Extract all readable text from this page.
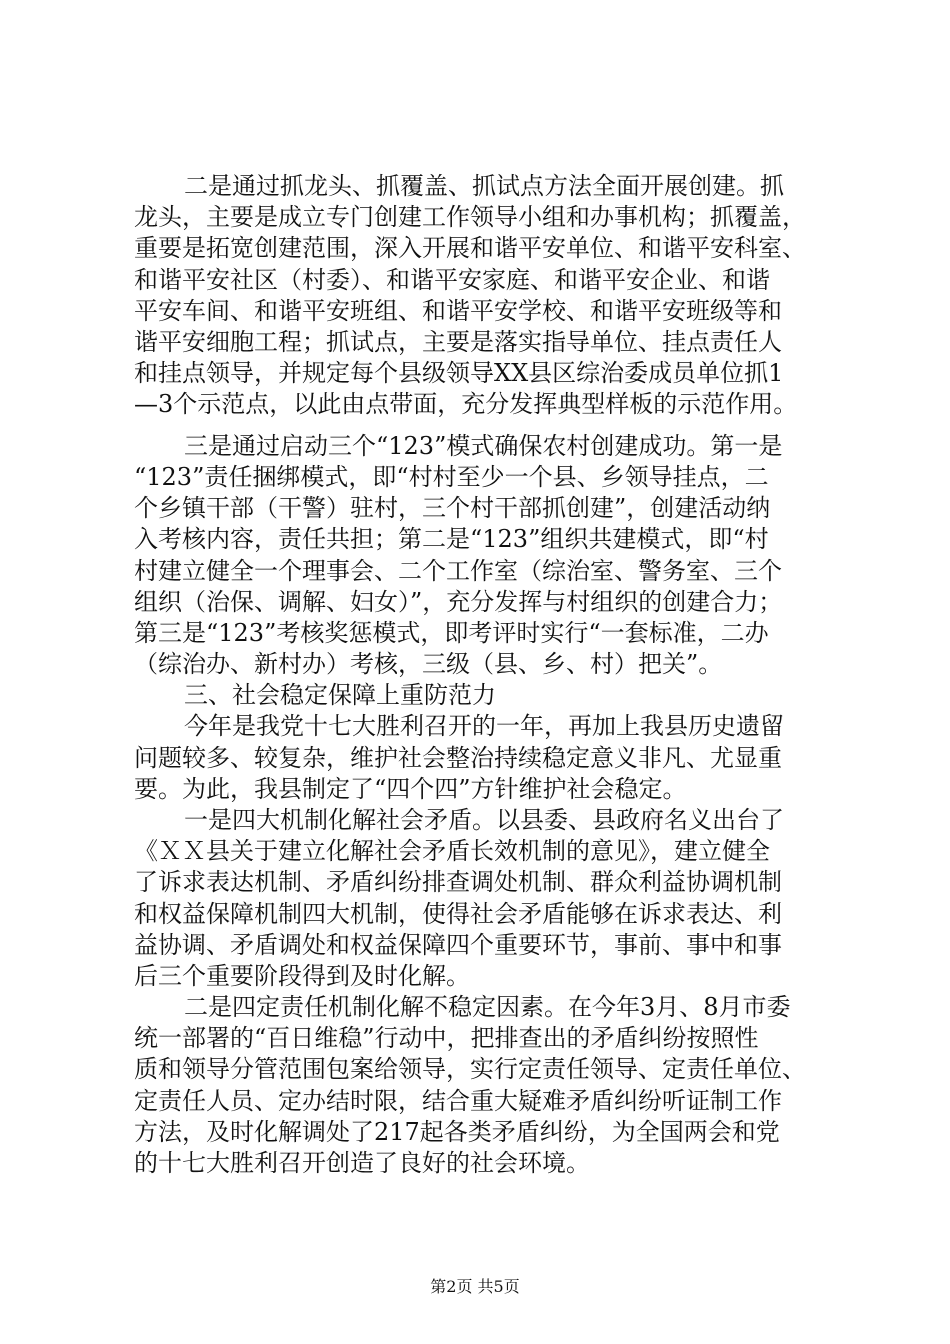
二是通过抓龙头、抓覆盖、抓试点方法全面开展创建。抓
龙头，主要是成立专门创建工作领导小组和办事机构；抓覆盖，
重要是拓宽创建范围，深入开展和谐平安单位、和谐平安科室、
和谐平安社区（村委）、和谐平安家庭、和谐平安企业、和谐
平安车间、和谐平安班组、和谐平安学校、和谐平安班级等和
谐平安细胞工程；抓试点，主要是落实指导单位、挂点责任人
和挂点领导，并规定每个县级领导XX县区综治委成员单位抓1
—3个示范点，以此由点带面，充分发挥典型样板的示范作用。
三是通过启动三个“123”模式确保农村创建成功。第一是
“123”责任捆绑模式，即“村村至少一个县、乡领导挂点，二
个乡镇干部（干警）驻村，三个村干部抓创建”，创建活动纳
入考核内容，责任共担；第二是“123”组织共建模式，即“村
村建立健全一个理事会、二个工作室（综治室、警务室、三个
组织（治保、调解、妇女）”，充分发挥与村组织的创建合力；
第三是“123”考核奖惩模式，即考评时实行“一套标准，二办
（综治办、新村办）考核，三级（县、乡、村）把关”。
三、社会稳定保障上重防范力
今年是我党十七大胜利召开的一年，再加上我县历史遗留
问题较多、较复杂，维护社会整治持续稳定意义非凡、尤显重
要。为此，我县制定了“四个四”方针维护社会稳定。
一是四大机制化解社会矛盾。以县委、县政府名义出台了
《ＸＸ县关于建立化解社会矛盾长效机制的意见》，建立健全
了诉求表达机制、矛盾纠纷排查调处机制、群众利益协调机制
和权益保障机制四大机制，使得社会矛盾能够在诉求表达、利
益协调、矛盾调处和权益保障四个重要环节，事前、事中和事
后三个重要阶段得到及时化解。
二是四定责任机制化解不稳定因素。在今年3月、8月市委
统一部署的“百日维稳”行动中，把排查出的矛盾纠纷按照性
质和领导分管范围包案给领导，实行定责任领导、定责任单位、
定责任人员、定办结时限，结合重大疑难矛盾纠纷听证制工作
方法，及时化解调处了217起各类矛盾纠纷，为全国两会和党
的十七大胜利召开创造了良好的社会环境。
第2页 共5页
